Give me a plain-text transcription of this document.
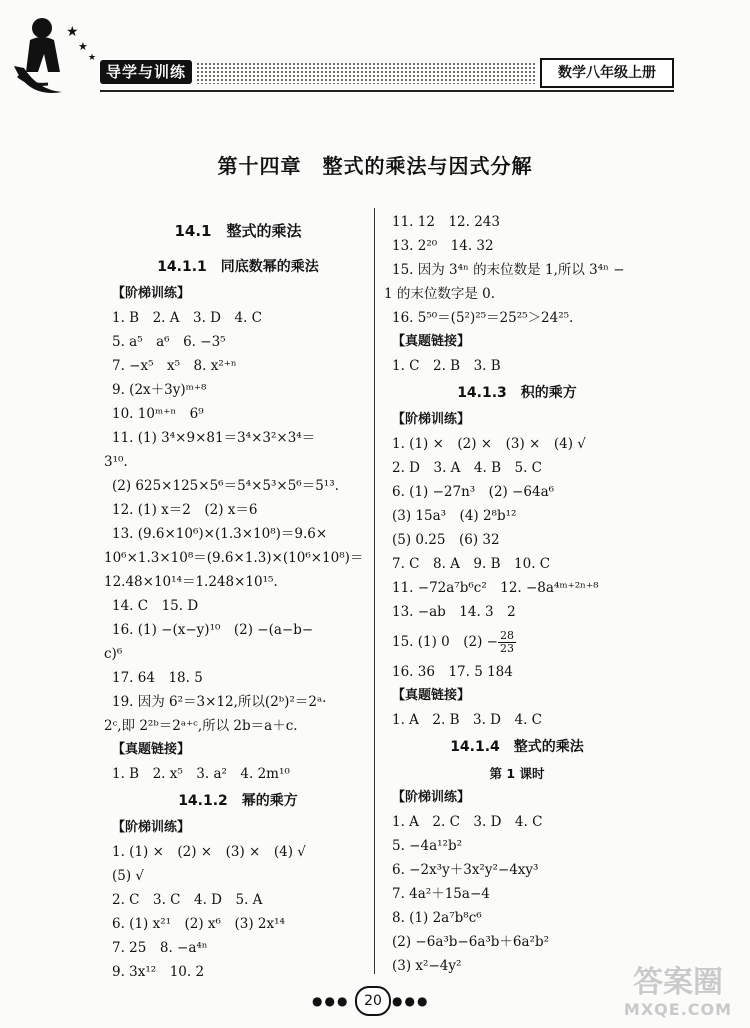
★
★
★
导学与训练	数学八年级上册
第十四章　整式的乘法与因式分解
14.1　整式的乘法
14.1.1　同底数幂的乘法
【阶梯训练】
1. B　2. A　3. D　4. C
5. a⁵　a⁶　6. −3⁵
7. −x⁵　x⁵　8. x²⁺ⁿ
9. (2x＋3y)ᵐ⁺⁸
10. 10ᵐ⁺ⁿ　6⁹
11. (1) 3⁴×9×81＝3⁴×3²×3⁴＝
3¹⁰.
(2) 625×125×5⁶＝5⁴×5³×5⁶＝5¹³.
12. (1) x＝2　(2) x＝6
13. (9.6×10⁶)×(1.3×10⁸)＝9.6×
10⁶×1.3×10⁸＝(9.6×1.3)×(10⁶×10⁸)＝
12.48×10¹⁴＝1.248×10¹⁵.
14. C　15. D
16. (1) −(x−y)¹⁰　(2) −(a−b−
c)⁶
17. 64　18. 5
19. 因为 6²＝3×12,所以(2ᵇ)²＝2ᵃ·
2ᶜ,即 2²ᵇ＝2ᵃ⁺ᶜ,所以 2b＝a＋c.
【真题链接】
1. B　2. x⁵　3. a²　4. 2m¹⁰
14.1.2　幂的乘方
【阶梯训练】
1. (1) ×　(2) ×　(3) ×　(4) √
(5) √
2. C　3. C　4. D　5. A
6. (1) x²¹　(2) x⁶　(3) 2x¹⁴
7. 25　8. −a⁴ⁿ
9. 3x¹²　10. 2
11. 12　12. 243
13. 2²⁰　14. 32
15. 因为 3⁴ⁿ 的末位数是 1,所以 3⁴ⁿ −
1 的末位数字是 0.
16. 5⁵⁰＝(5²)²⁵＝25²⁵＞24²⁵.
【真题链接】
1. C　2. B　3. B
14.1.3　积的乘方
【阶梯训练】
1. (1) ×　(2) ×　(3) ×　(4) √
2. D　3. A　4. B　5. C
6. (1) −27n³　(2) −64a⁶
(3) 15a³　(4) 2⁸b¹²
(5) 0.25　(6) 32
7. C　8. A　9. B　10. C
11. −72a⁷b⁶c²　12. −8a⁴ᵐ⁺²ⁿ⁺⁸
13. −ab　14. 3　2
15. (1) 0　$(2) - \frac{28}{23}$
16. 36　17. 5 184
【真题链接】
1. A　2. B　3. D　4. C
14.1.4　整式的乘法
第 1 课时
【阶梯训练】
1. A　2. C　3. D　4. C
5. −4a¹²b²
6. −2x³y＋3x²y²−4xy³
7. 4a²＋15a−4
8. (1) 2a⁷b⁸c⁶
(2) −6a³b−6a³b＋6a²b²
(3) x²−4y²	答案圈
MXQE.COM
●●●	20 ●●●
